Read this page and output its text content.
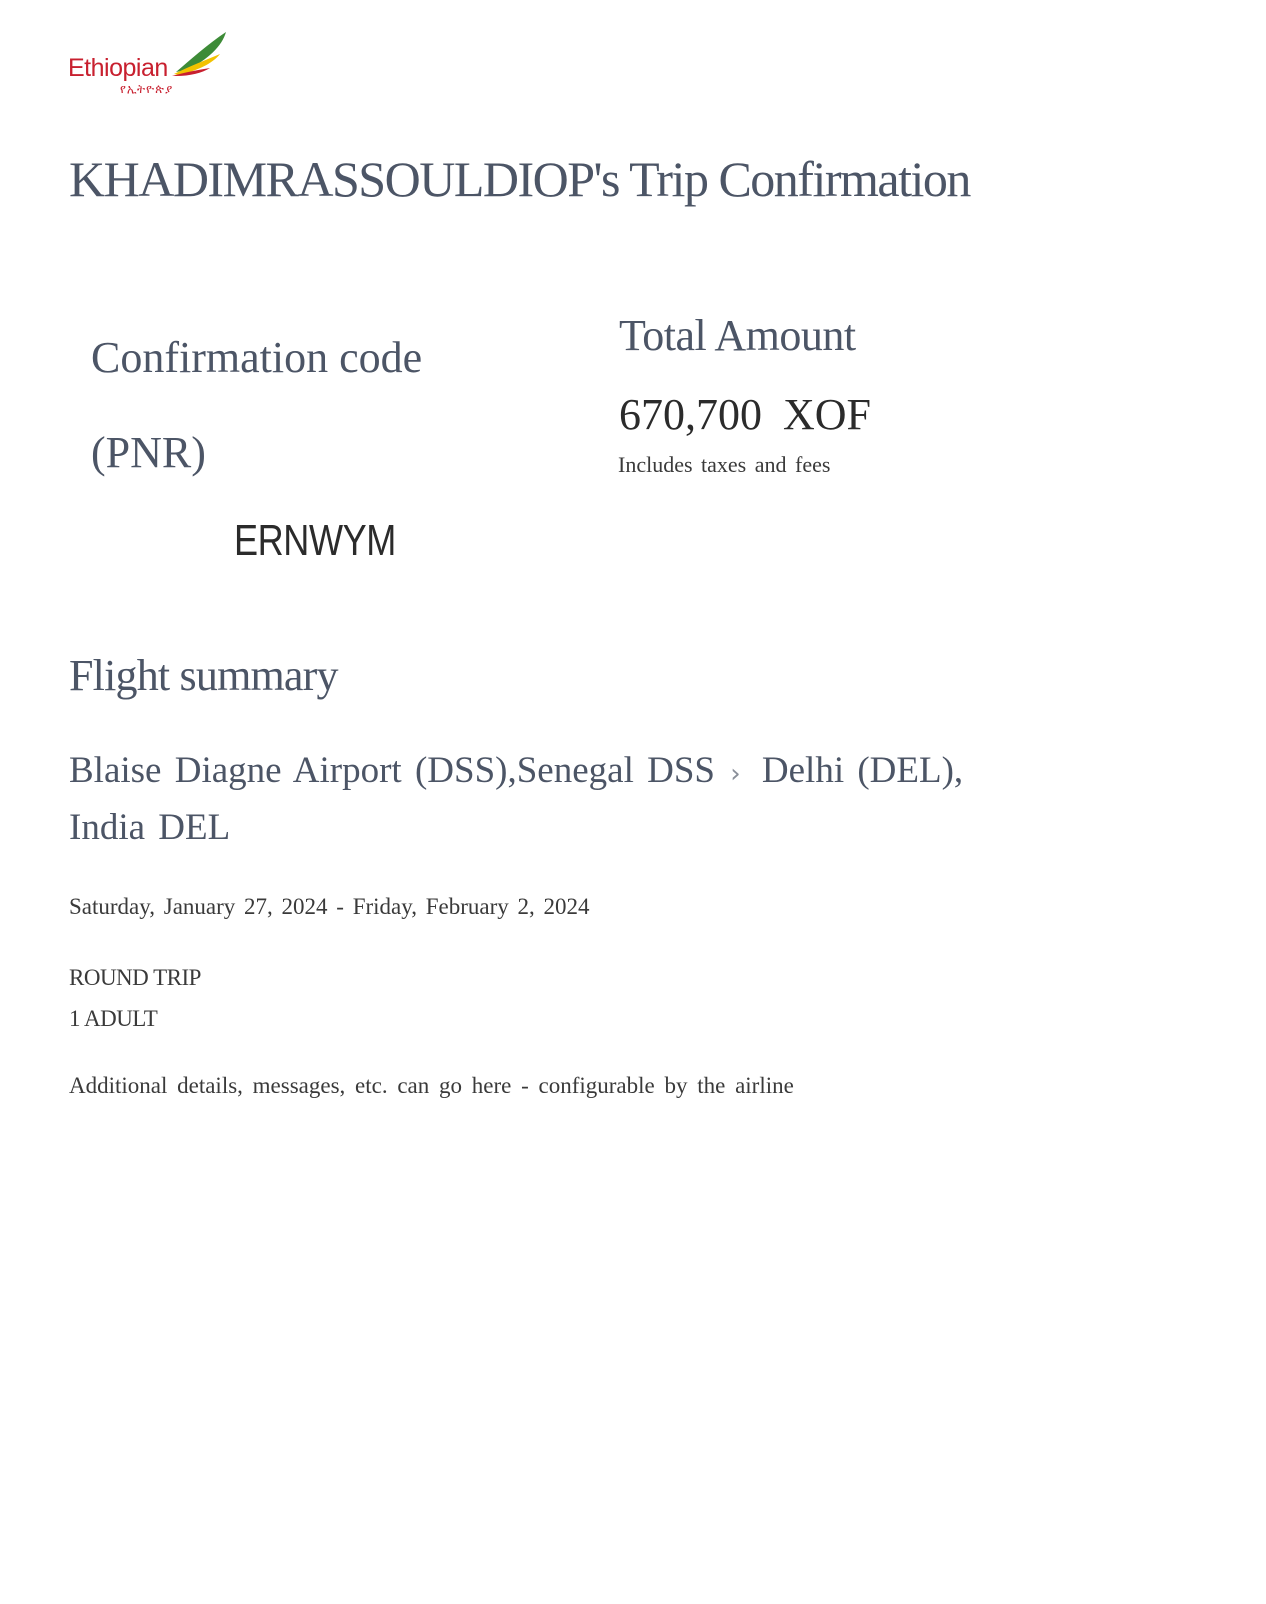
Ethiopian
የኢትዮጵያ
KHADIMRASSOULDIOP's Trip Confirmation
Confirmation code (PNR)
ERNWYM
Total Amount
670,700 XOF
Includes taxes and fees
Flight summary
Blaise Diagne Airport (DSS),Senegal DSS › Delhi (DEL), India DEL
Saturday, January 27, 2024 - Friday, February 2, 2024
ROUND TRIP
1 ADULT
Additional details, messages, etc. can go here - configurable by the airline
